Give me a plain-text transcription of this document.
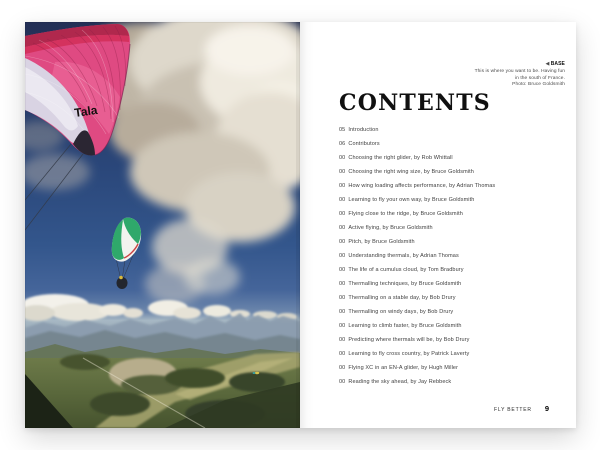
Tala
◀ BASE
This is where you want to be. Having fun
in the south of France.
Photo: Bruce Goldsmith
CONTENTS
05 Introduction
06 Contributors
00 Choosing the right glider, by Rob Whittall
00 Choosing the right wing size, by Bruce Goldsmith
00 How wing loading affects performance, by Adrian Thomas
00 Learning to fly your own way, by Bruce Goldsmith
00 Flying close to the ridge, by Bruce Goldsmith
00 Active flying, by Bruce Goldsmith
00 Pitch, by Bruce Goldsmith
00 Understanding thermals, by Adrian Thomas
00 The life of a cumulus cloud, by Tom Bradbury
00 Thermalling techniques, by Bruce Goldsmith
00 Thermalling on a stable day, by Bob Drury
00 Thermalling on windy days, by Bob Drury
00 Learning to climb faster, by Bruce Goldsmith
00 Predicting where thermals will be, by Bob Drury
00 Learning to fly cross country, by Patrick Laverty
00 Flying XC in an EN-A glider, by Hugh Miller
00 Reading the sky ahead, by Jay Rebbeck
FLY BETTER 9
